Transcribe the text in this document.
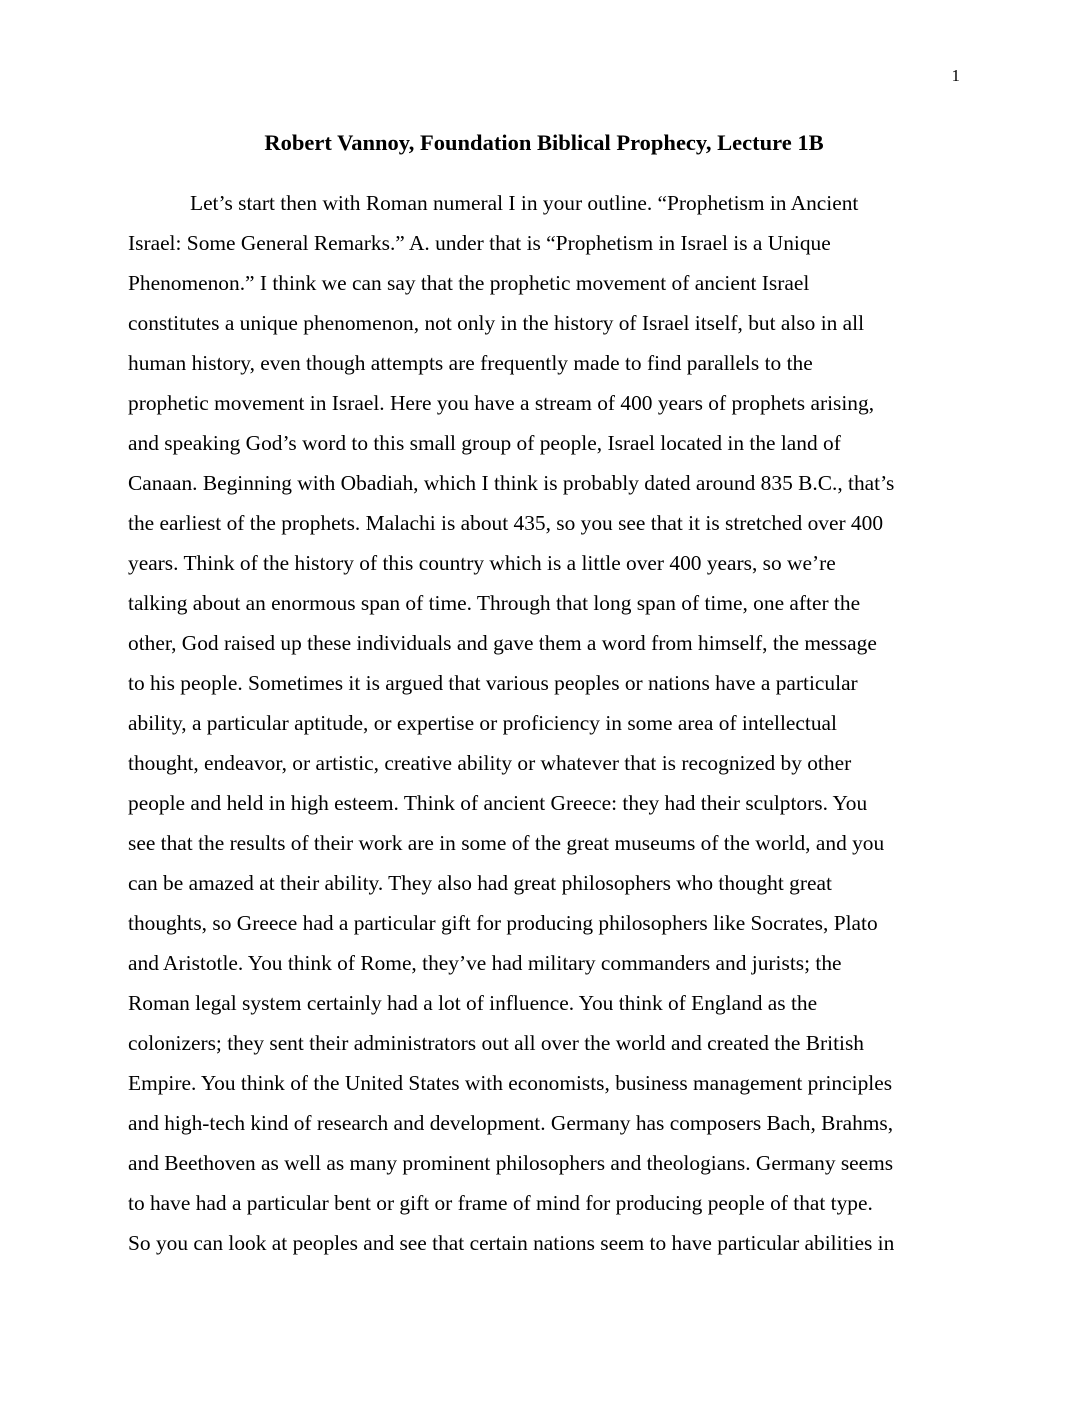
1
Robert Vannoy, Foundation Biblical Prophecy, Lecture 1B
Let’s start then with Roman numeral I in your outline. “Prophetism in Ancient
Israel: Some General Remarks.” A. under that is “Prophetism in Israel is a Unique
Phenomenon.” I think we can say that the prophetic movement of ancient Israel
constitutes a unique phenomenon, not only in the history of Israel itself, but also in all
human history, even though attempts are frequently made to find parallels to the
prophetic movement in Israel. Here you have a stream of 400 years of prophets arising,
and speaking God’s word to this small group of people, Israel located in the land of
Canaan. Beginning with Obadiah, which I think is probably dated around 835 B.C., that’s
the earliest of the prophets. Malachi is about 435, so you see that it is stretched over 400
years. Think of the history of this country which is a little over 400 years, so we’re
talking about an enormous span of time. Through that long span of time, one after the
other, God raised up these individuals and gave them a word from himself, the message
to his people. Sometimes it is argued that various peoples or nations have a particular
ability, a particular aptitude, or expertise or proficiency in some area of intellectual
thought, endeavor, or artistic, creative ability or whatever that is recognized by other
people and held in high esteem. Think of ancient Greece: they had their sculptors. You
see that the results of their work are in some of the great museums of the world, and you
can be amazed at their ability. They also had great philosophers who thought great
thoughts, so Greece had a particular gift for producing philosophers like Socrates, Plato
and Aristotle. You think of Rome, they’ve had military commanders and jurists; the
Roman legal system certainly had a lot of influence. You think of England as the
colonizers; they sent their administrators out all over the world and created the British
Empire. You think of the United States with economists, business management principles
and high-tech kind of research and development. Germany has composers Bach, Brahms,
and Beethoven as well as many prominent philosophers and theologians. Germany seems
to have had a particular bent or gift or frame of mind for producing people of that type.
So you can look at peoples and see that certain nations seem to have particular abilities in
